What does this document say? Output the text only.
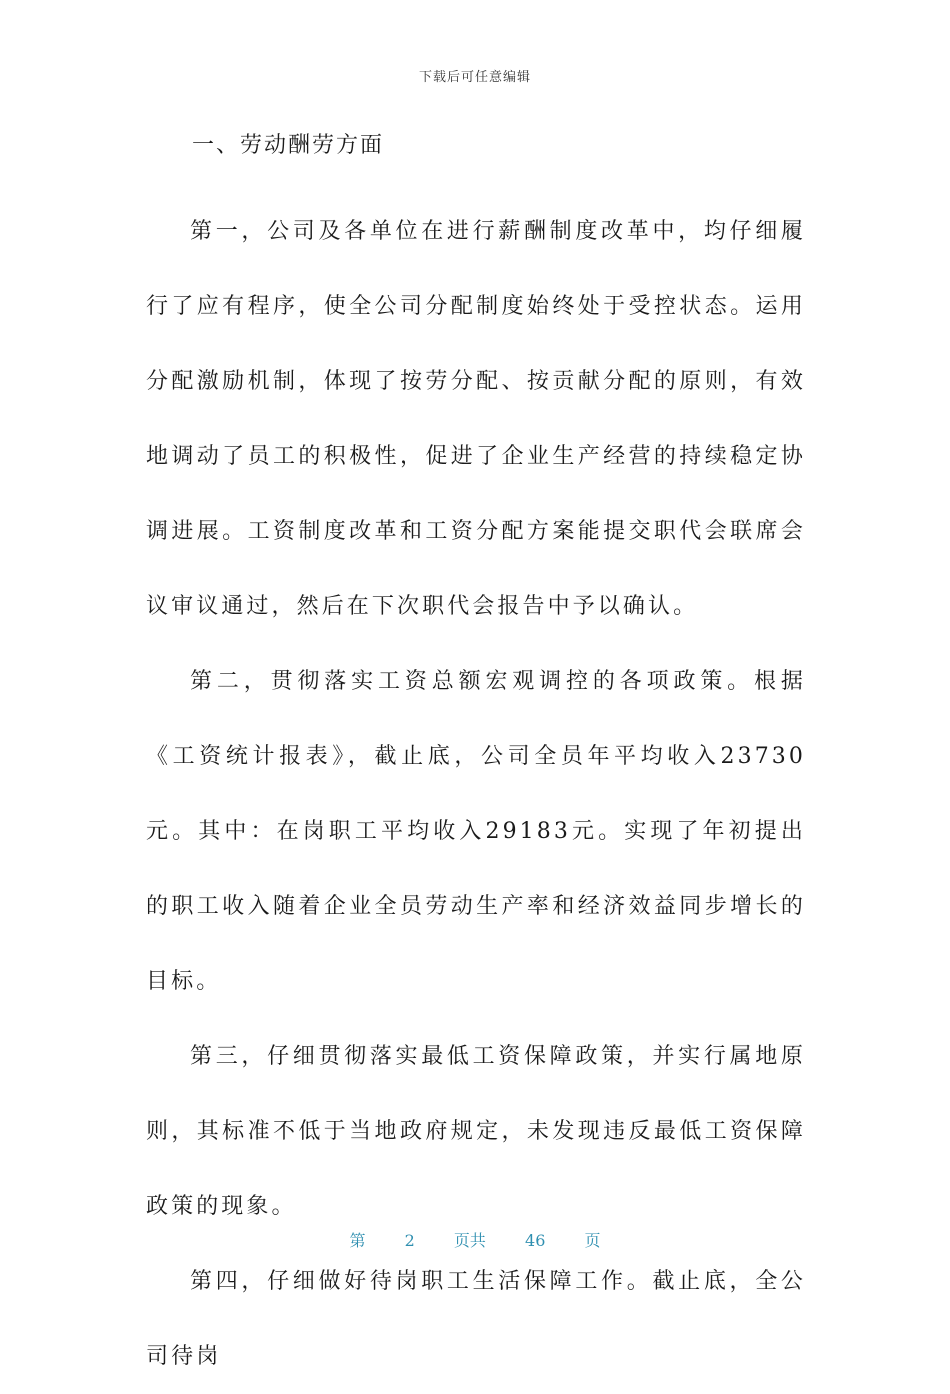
下载后可任意编辑

一、劳动酬劳方面

第一，公司及各单位在进行薪酬制度改革中，均仔细履行了应有程序，使全公司分配制度始终处于受控状态。运用分配激励机制，体现了按劳分配、按贡献分配的原则，有效地调动了员工的积极性，促进了企业生产经营的持续稳定协调进展。工资制度改革和工资分配方案能提交职代会联席会议审议通过，然后在下次职代会报告中予以确认。

第二，贯彻落实工资总额宏观调控的各项政策。根据《工资统计报表》，截止底，公司全员年平均收入23730元。其中：在岗职工平均收入29183元。实现了年初提出的职工收入随着企业全员劳动生产率和经济效益同步增长的目标。

第三，仔细贯彻落实最低工资保障政策，并实行属地原则，其标准不低于当地政府规定，未发现违反最低工资保障政策的现象。

第四，仔细做好待岗职工生活保障工作。截止底，全公司待岗

第 2 页共 46 页
